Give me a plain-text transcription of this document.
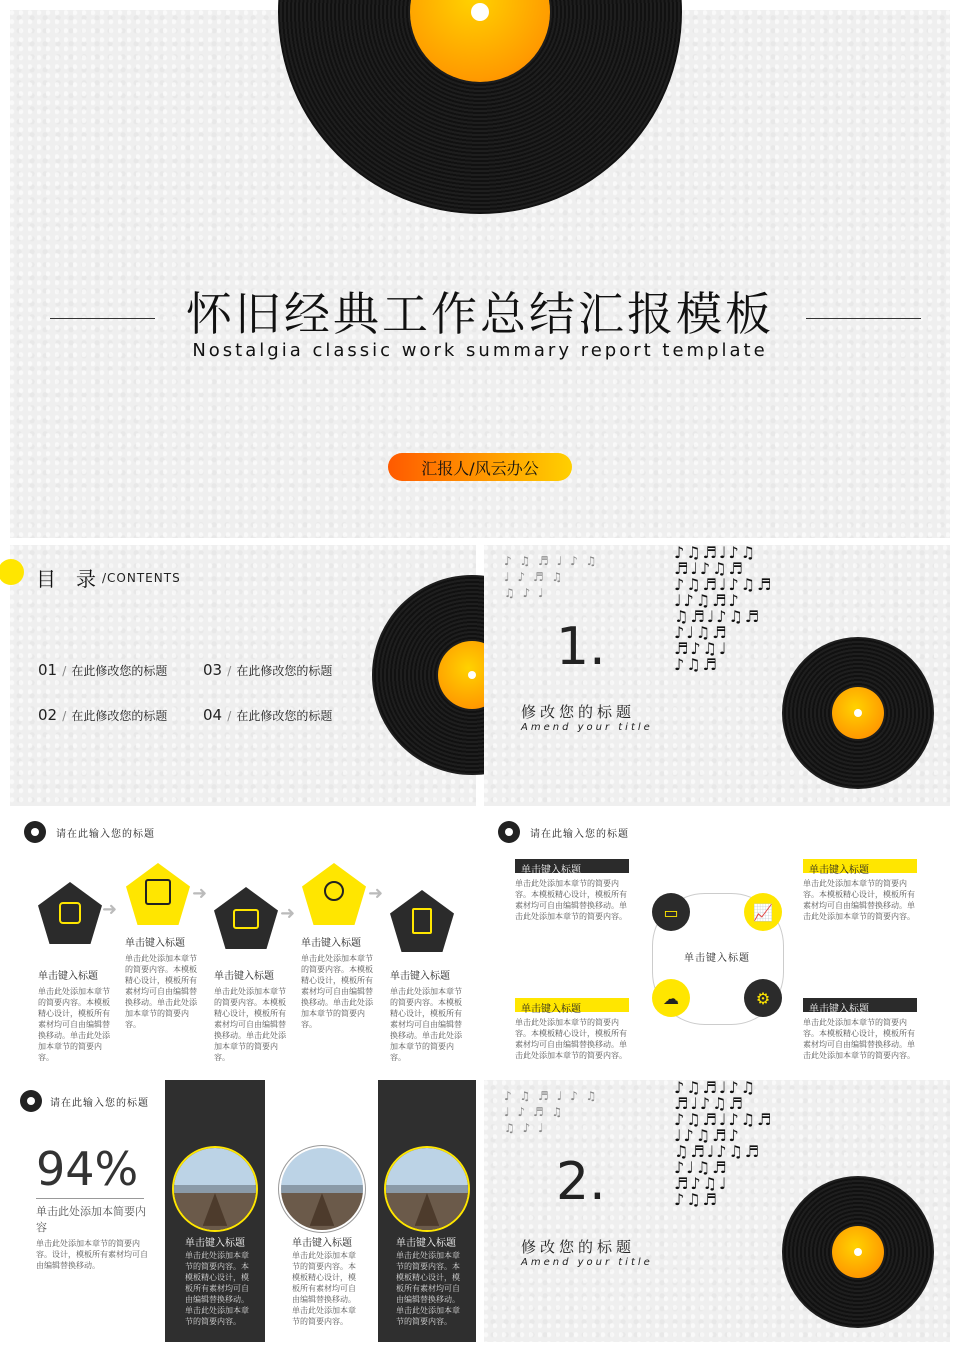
怀旧经典工作总结汇报模板
Nostalgia classic work summary report template
汇报人/风云办公
目　录 /CONTENTS
01 / 在此修改您的标题
02 / 在此修改您的标题
03 / 在此修改您的标题
04 / 在此修改您的标题
♪ ♫ ♬ ♩ ♪ ♫
♩ ♪ ♬ ♫
♫ ♪ ♩
♪♫♬♩♪♫
♬♩♪♫♬
♪♫♬♩♪♫♬
♩♪♫♬♪
♫♬♩♪♫♬
♪♩♫♬
♬♪♫♩
♪♫♬
1.
修改您的标题
Amend your title
请在此输入您的标题
➜
➜
➜
➜
单击键入标题
单击此处添加本章节的简要内容。本模板精心设计，模板所有素材均可自由编辑替换移动。单击此处添加本章节的简要内容。
单击键入标题
单击此处添加本章节的简要内容。本模板精心设计，模板所有素材均可自由编辑替换移动。单击此处添加本章节的简要内容。
单击键入标题
单击此处添加本章节的简要内容。本模板精心设计，模板所有素材均可自由编辑替换移动。单击此处添加本章节的简要内容。
单击键入标题
单击此处添加本章节的简要内容。本模板精心设计，模板所有素材均可自由编辑替换移动。单击此处添加本章节的简要内容。
单击键入标题
单击此处添加本章节的简要内容。本模板精心设计，模板所有素材均可自由编辑替换移动。单击此处添加本章节的简要内容。
请在此输入您的标题
单击键入标题
单击此处添加本章节的简要内容。本模板精心设计，模板所有素材均可自由编辑替换移动。单击此处添加本章节的简要内容。
单击键入标题
单击此处添加本章节的简要内容。本模板精心设计，模板所有素材均可自由编辑替换移动。单击此处添加本章节的简要内容。
单击键入标题
单击此处添加本章节的简要内容。本模板精心设计，模板所有素材均可自由编辑替换移动。单击此处添加本章节的简要内容。
单击键入标题
单击此处添加本章节的简要内容。本模板精心设计，模板所有素材均可自由编辑替换移动。单击此处添加本章节的简要内容。
单击键入标题
▭	📈
☁	⚙
请在此输入您的标题
94%
单击此处添加本简要内容
单击此处添加本章节的简要内容。设计，模板所有素材均可自由编辑替换移动。
单击键入标题
单击此处添加本章节的简要内容。本模板精心设计，模板所有素材均可自由编辑替换移动。单击此处添加本章节的简要内容。
单击键入标题
单击此处添加本章节的简要内容。本模板精心设计，模板所有素材均可自由编辑替换移动。单击此处添加本章节的简要内容。
单击键入标题
单击此处添加本章节的简要内容。本模板精心设计，模板所有素材均可自由编辑替换移动。单击此处添加本章节的简要内容。
♪ ♫ ♬ ♩ ♪ ♫
♩ ♪ ♬ ♫
♫ ♪ ♩
♪♫♬♩♪♫
♬♩♪♫♬
♪♫♬♩♪♫♬
♩♪♫♬♪
♫♬♩♪♫♬
♪♩♫♬
♬♪♫♩
♪♫♬
2.
修改您的标题
Amend your title
